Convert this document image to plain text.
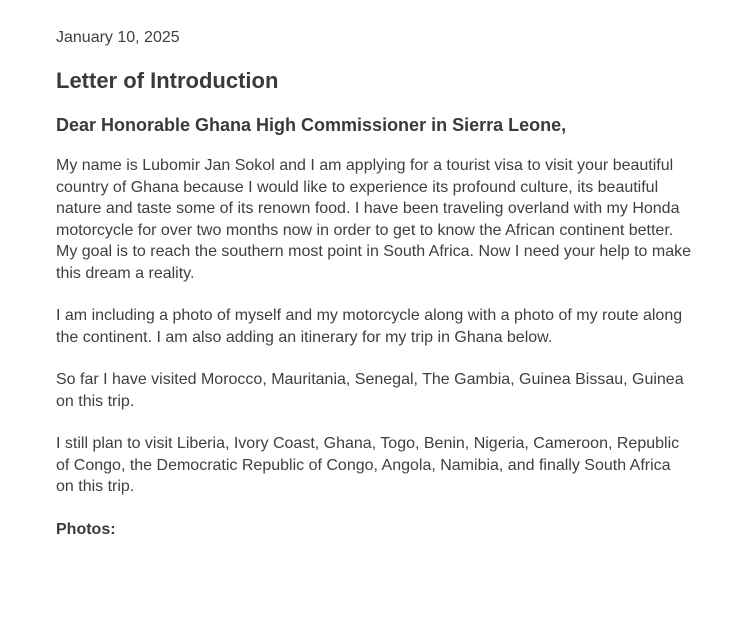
January 10, 2025

Letter of Introduction
Dear Honorable Ghana High Commissioner in Sierra Leone,

My name is Lubomir Jan Sokol and I am applying for a tourist visa to visit your beautiful country of Ghana because I would like to experience its profound culture, its beautiful nature and taste some of its renown food. I have been traveling overland with my Honda motorcycle for over two months now in order to get to know the African continent better. My goal is to reach the southern most point in South Africa. Now I need your help to make this dream a reality.

I am including a photo of myself and my motorcycle along with a photo of my route along the continent. I am also adding an itinerary for my trip in Ghana below.

So far I have visited Morocco, Mauritania, Senegal, The Gambia, Guinea Bissau, Guinea on this trip.

I still plan to visit Liberia, Ivory Coast, Ghana, Togo, Benin, Nigeria, Cameroon, Republic of Congo, the Democratic Republic of Congo, Angola, Namibia, and finally South Africa on this trip.

Photos:
